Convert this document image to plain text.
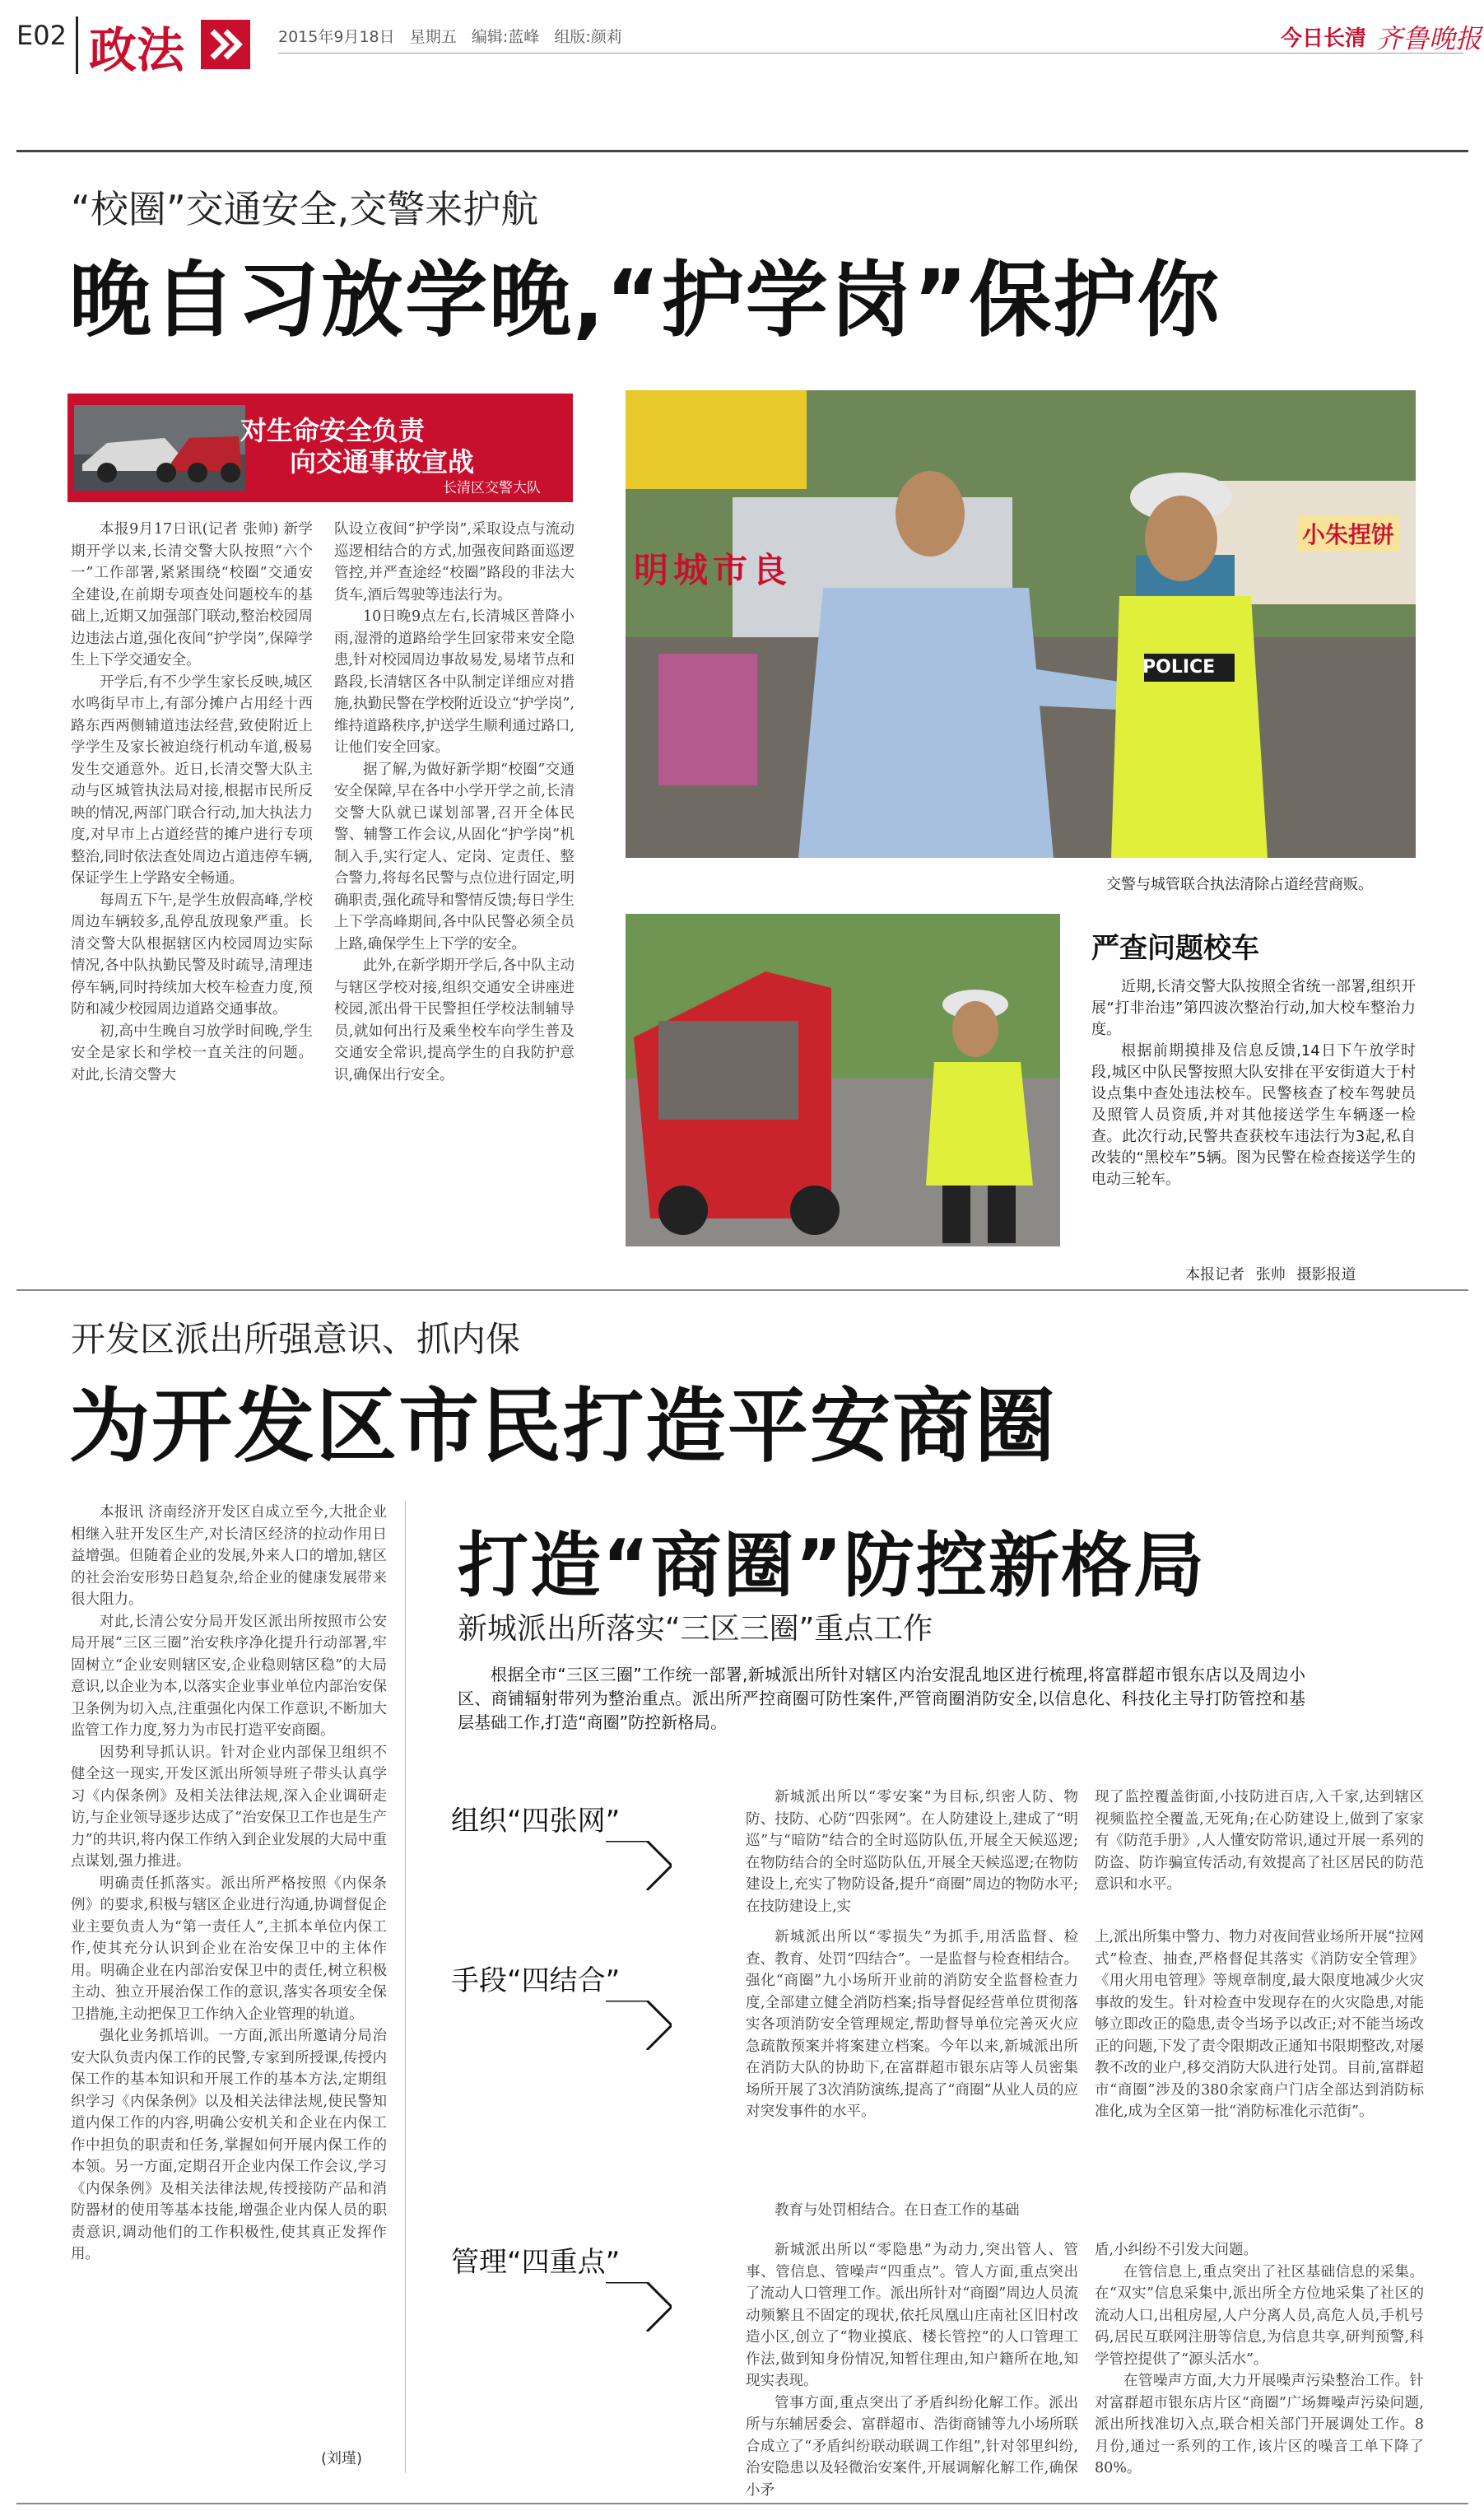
E02 政法	2015年9月18日 星期五 编辑:蓝峰 组版:颜莉	今日长清 齐鲁晚报
“校圈”交通安全,交警来护航
晚自习放学晚,“护学岗”保护你
对生命安全负责
向交通事故宣战
长清区交警大队

本报9月17日讯(记者 张帅) 新学期开学以来,长清交警大队按照“六个一”工作部署,紧紧围绕“校圈”交通安全建设,在前期专项查处问题校车的基础上,近期又加强部门联动,整治校园周边违法占道,强化夜间“护学岗”,保障学生上下学交通安全。

开学后,有不少学生家长反映,城区水鸣街早市上,有部分摊户占用经十西路东西两侧辅道违法经营,致使附近上学学生及家长被迫绕行机动车道,极易发生交通意外。近日,长清交警大队主动与区城管执法局对接,根据市民所反映的情况,两部门联合行动,加大执法力度,对早市上占道经营的摊户进行专项整治,同时依法查处周边占道违停车辆,保证学生上学路安全畅通。

每周五下午,是学生放假高峰,学校周边车辆较多,乱停乱放现象严重。长清交警大队根据辖区内校园周边实际情况,各中队执勤民警及时疏导,清理违停车辆,同时持续加大校车检查力度,预防和减少校园周边道路交通事故。

初,高中生晚自习放学时间晚,学生安全是家长和学校一直关注的问题。对此,长清交警大

队设立夜间“护学岗”,采取设点与流动巡逻相结合的方式,加强夜间路面巡逻管控,并严查途经“校圈”路段的非法大货车,酒后驾驶等违法行为。

10日晚9点左右,长清城区普降小雨,湿滑的道路给学生回家带来安全隐患,针对校园周边事故易发,易堵节点和路段,长清辖区各中队制定详细应对措施,执勤民警在学校附近设立“护学岗”,维持道路秩序,护送学生顺利通过路口,让他们安全回家。

据了解,为做好新学期“校圈”交通安全保障,早在各中小学开学之前,长清交警大队就已谋划部署,召开全体民警、辅警工作会议,从固化“护学岗”机制入手,实行定人、定岗、定责任、整合警力,将每名民警与点位进行固定,明确职责,强化疏导和警情反馈;每日学生上下学高峰期间,各中队民警必须全员上路,确保学生上下学的安全。

此外,在新学期开学后,各中队主动与辖区学校对接,组织交通安全讲座进校园,派出骨干民警担任学校法制辅导员,就如何出行及乘坐校车向学生普及交通安全常识,提高学生的自我防护意识,确保出行安全。

明城市良
小朱捏饼
POLICE
交警与城管联合执法清除占道经营商贩。
严查问题校车

近期,长清交警大队按照全省统一部署,组织开展“打非治违”第四波次整治行动,加大校车整治力度。

根据前期摸排及信息反馈,14日下午放学时段,城区中队民警按照大队安排在平安街道大于村设点集中查处违法校车。民警核查了校车驾驶员及照管人员资质,并对其他接送学生车辆逐一检查。此次行动,民警共查获校车违法行为3起,私自改装的“黑校车”5辆。图为民警在检查接送学生的电动三轮车。

本报记者 张帅 摄影报道
开发区派出所强意识、抓内保
为开发区市民打造平安商圈

本报讯 济南经济开发区自成立至今,大批企业相继入驻开发区生产,对长清区经济的拉动作用日益增强。但随着企业的发展,外来人口的增加,辖区的社会治安形势日趋复杂,给企业的健康发展带来很大阻力。

对此,长清公安分局开发区派出所按照市公安局开展“三区三圈”治安秩序净化提升行动部署,牢固树立“企业安则辖区安,企业稳则辖区稳”的大局意识,以企业为本,以落实企业事业单位内部治安保卫条例为切入点,注重强化内保工作意识,不断加大监管工作力度,努力为市民打造平安商圈。

因势利导抓认识。针对企业内部保卫组织不健全这一现实,开发区派出所领导班子带头认真学习《内保条例》及相关法律法规,深入企业调研走访,与企业领导逐步达成了“治安保卫工作也是生产力”的共识,将内保工作纳入到企业发展的大局中重点谋划,强力推进。

明确责任抓落实。派出所严格按照《内保条例》的要求,积极与辖区企业进行沟通,协调督促企业主要负责人为“第一责任人”,主抓本单位内保工作,使其充分认识到企业在治安保卫中的主体作用。明确企业在内部治安保卫中的责任,树立积极主动、独立开展治保工作的意识,落实各项安全保卫措施,主动把保卫工作纳入企业管理的轨道。

强化业务抓培训。一方面,派出所邀请分局治安大队负责内保工作的民警,专家到所授课,传授内保工作的基本知识和开展工作的基本方法,定期组织学习《内保条例》以及相关法律法规,使民警知道内保工作的内容,明确公安机关和企业在内保工作中担负的职责和任务,掌握如何开展内保工作的本领。另一方面,定期召开企业内保工作会议,学习《内保条例》及相关法律法规,传授接防产品和消防器材的使用等基本技能,增强企业内保人员的职责意识,调动他们的工作积极性,使其真正发挥作用。

(刘瑾)
打造“商圈”防控新格局
新城派出所落实“三区三圈”重点工作
根据全市“三区三圈”工作统一部署,新城派出所针对辖区内治安混乱地区进行梳理,将富群超市银东店以及周边小区、商铺辐射带列为整治重点。派出所严控商圈可防性案件,严管商圈消防安全,以信息化、科技化主导打防管控和基层基础工作,打造“商圈”防控新格局。
组织“四张网”
新城派出所以“零安案”为目标,织密人防、物防、技防、心防“四张网”。在人防建设上,建成了“明巡”与“暗防”结合的全时巡防队伍,开展全天候巡逻;在物防结合的全时巡防队伍,开展全天候巡逻;在物防建设上,充实了物防设备,提升“商圈”周边的物防水平;在技防建设上,实
现了监控覆盖街面,小技防进百店,入千家,达到辖区视频监控全覆盖,无死角;在心防建设上,做到了家家有《防范手册》,人人懂安防常识,通过开展一系列的防盗、防诈骗宣传活动,有效提高了社区居民的防范意识和水平。
手段“四结合”

新城派出所以“零损失”为抓手,用活监督、检查、教育、处罚“四结合”。一是监督与检查相结合。强化“商圈”九小场所开业前的消防安全监督检查力度,全部建立健全消防档案;指导督促经营单位贯彻落实各项消防安全管理规定,帮助督导单位完善灭火应急疏散预案并将案建立档案。今年以来,新城派出所在消防大队的协助下,在富群超市银东店等人员密集场所开展了3次消防演练,提高了“商圈”从业人员的应对突发事件的水平。

教育与处罚相结合。在日查工作的基础
上,派出所集中警力、物力对夜间营业场所开展“拉网式”检查、抽查,严格督促其落实《消防安全管理》《用火用电管理》等规章制度,最大限度地减少火灾事故的发生。针对检查中发现存在的火灾隐患,对能够立即改正的隐患,责令当场予以改正;对不能当场改正的问题,下发了责令限期改正通知书限期整改,对屡教不改的业户,移交消防大队进行处罚。目前,富群超市“商圈”涉及的380余家商户门店全部达到消防标准化,成为全区第一批“消防标准化示范街”。
管理“四重点”	新城派出所以“零隐患”为动力,突出管人、管事、管信息、管噪声“四重点”。管人方面,重点突出了流动人口管理工作。派出所针对“商圈”周边人员流动频繁且不固定的现状,依托凤凰山庄南社区旧村改造小区,创立了“物业摸底、楼长管控”的人口管理工作法,做到知身份情况,知暂住理由,知户籍所在地,知现实表现。

管事方面,重点突出了矛盾纠纷化解工作。派出所与东辅居委会、富群超市、浩街商铺等九小场所联合成立了“矛盾纠纷联动联调工作组”,针对邻里纠纷,治安隐患以及轻微治安案件,开展调解化解工作,确保小矛

盾,小纠纷不引发大问题。

在管信息上,重点突出了社区基础信息的采集。在“双实”信息采集中,派出所全方位地采集了社区的流动人口,出租房屋,人户分离人员,高危人员,手机号码,居民互联网注册等信息,为信息共享,研判预警,科学管控提供了“源头活水”。

在管噪声方面,大力开展噪声污染整治工作。针对富群超市银东店片区“商圈”广场舞噪声污染问题,派出所找准切入点,联合相关部门开展调处工作。8月份,通过一系列的工作,该片区的噪音工单下降了80%。
